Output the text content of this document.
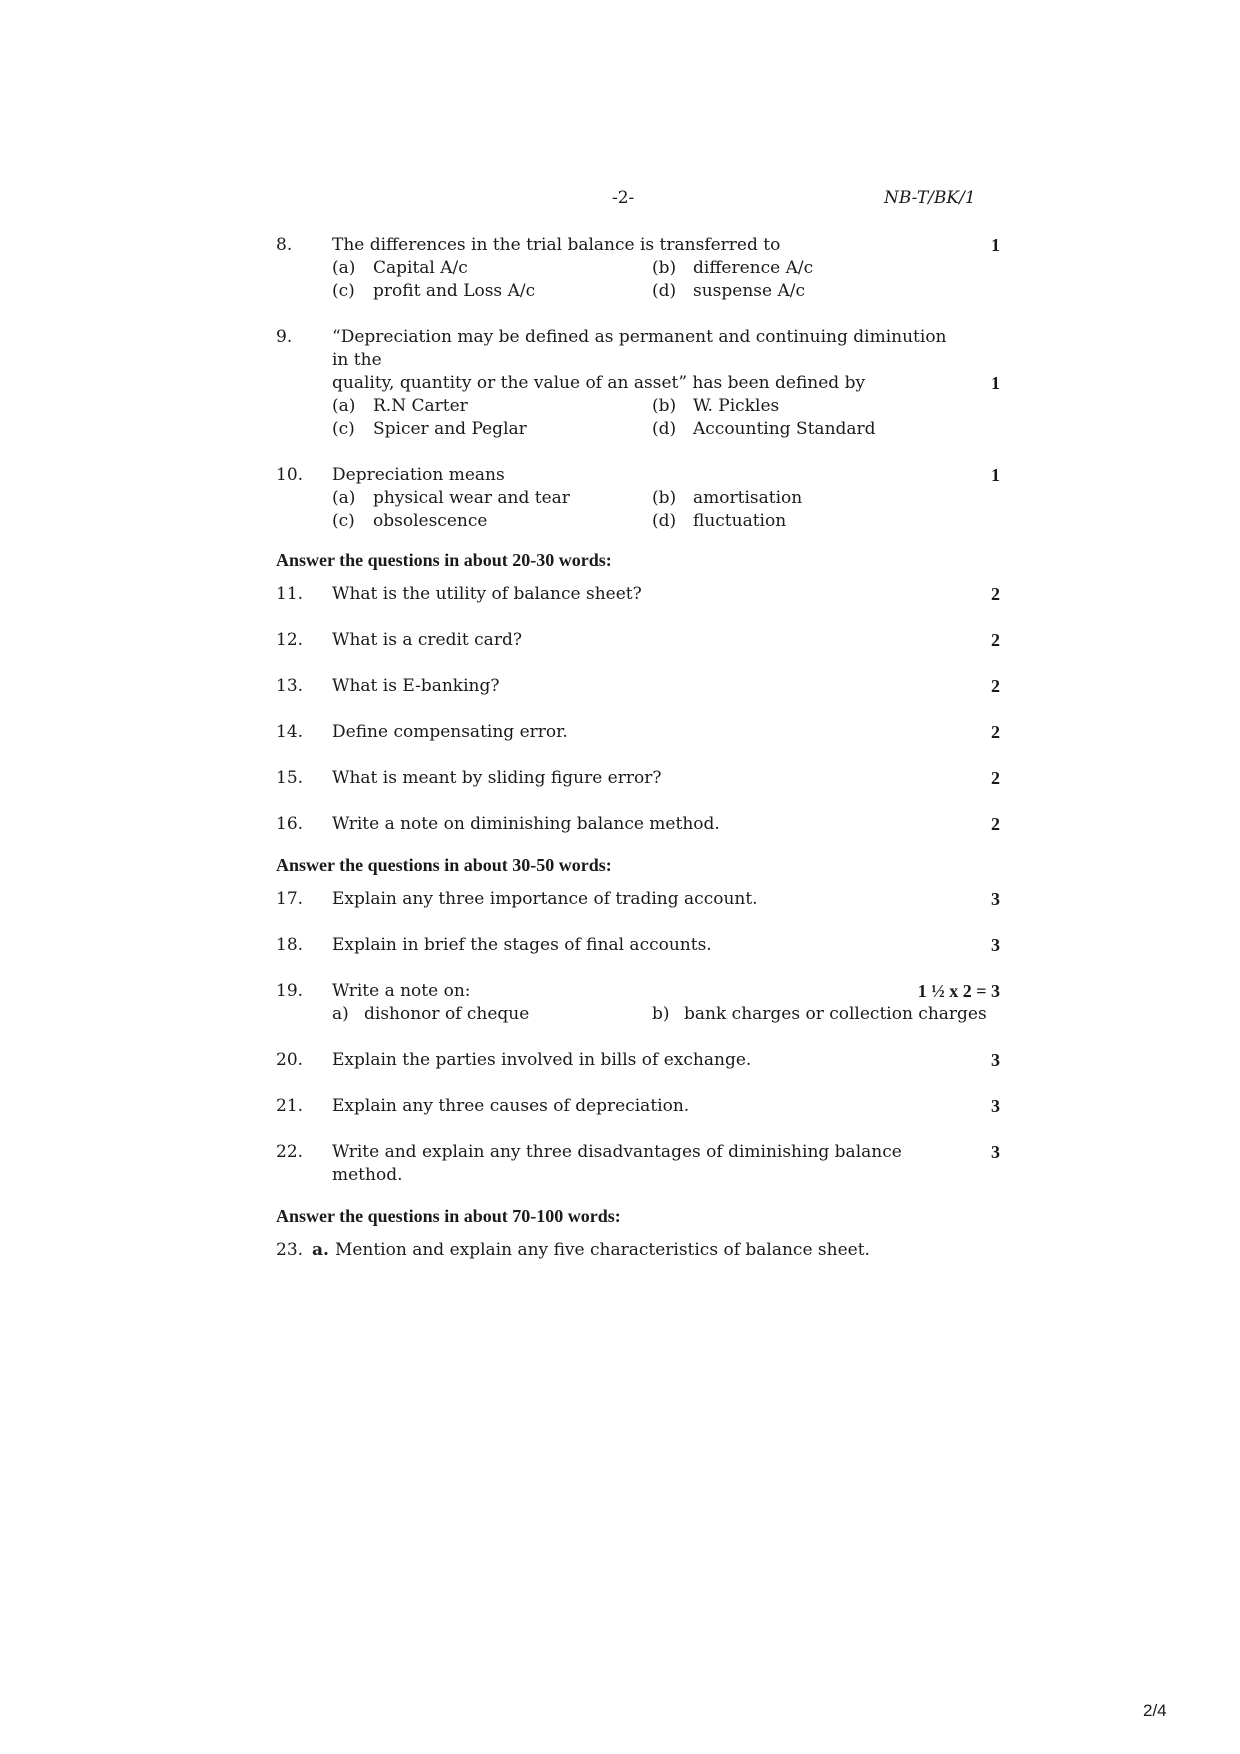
-2-	NB-T/BK/1
8.	The differences in the trial balance is transferred to	1
(a)	Capital A/c	(b) difference A/c
(c)	profit and Loss A/c	(d) suspense A/c
9.	“Depreciation may be defined as permanent and continuing diminution in the
quality, quantity or the value of an asset” has been defined by	1
(a)	R.N Carter	(b) W. Pickles
(c)	Spicer and Peglar	(d) Accounting Standard
10.	Depreciation means	1
(a)	physical wear and tear	(b) amortisation
(c)	obsolescence	(d) fluctuation
Answer the questions in about 20-30 words:
11.	What is the utility of balance sheet?	2
12.	What is a credit card?	2
13.	What is E-banking?	2
14.	Define compensating error.	2
15.	What is meant by sliding figure error?	2
16.	Write a note on diminishing balance method.	2
Answer the questions in about 30-50 words:
17.	Explain any three importance of trading account.	3
18.	Explain in brief the stages of final accounts.	3
19.	Write a note on:	1 ½ x 2 = 3
a) dishonor of cheque	b) bank charges or collection charges
20.	Explain the parties involved in bills of exchange.	3
21.	Explain any three causes of depreciation.	3
22.	Write and explain any three disadvantages of diminishing balance method.
3
Answer the questions in about 70-100 words:
23. a. Mention and explain any five characteristics of balance sheet.
2/4
